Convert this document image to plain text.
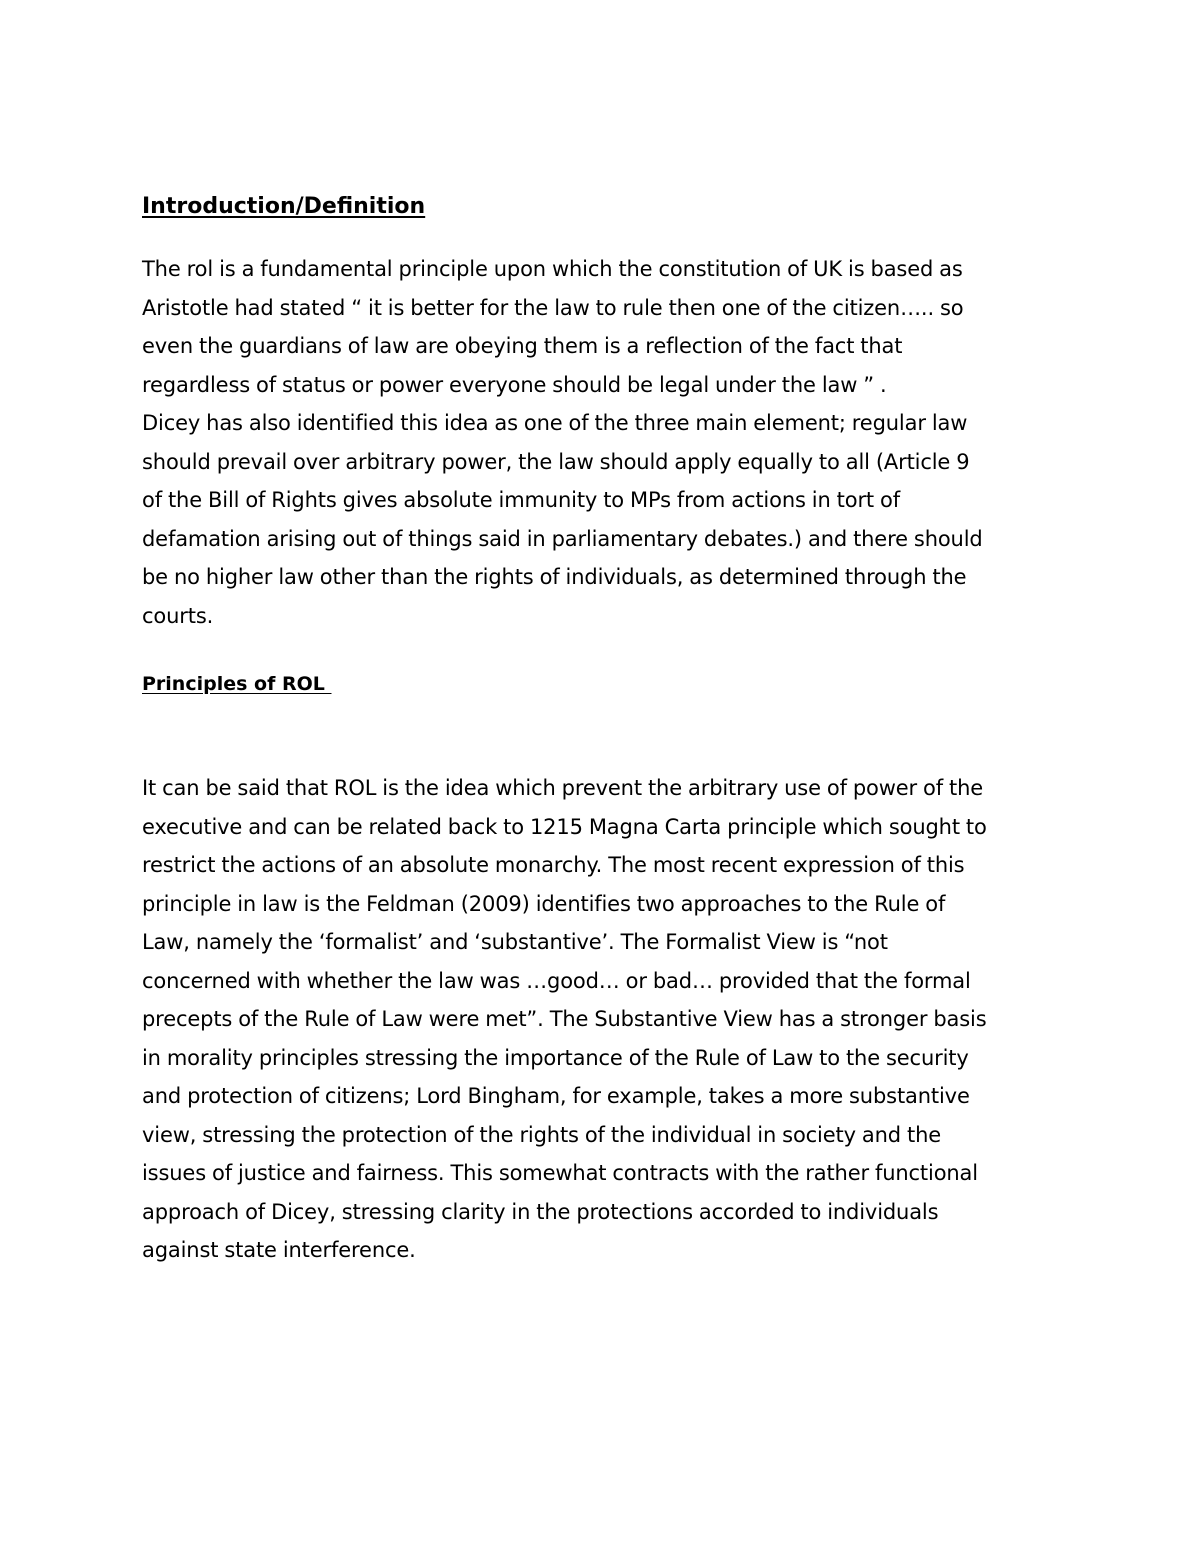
Introduction/Definition

The rol is a fundamental principle upon which the constitution of UK is based as
Aristotle had stated “ it is better for the law to rule then one of the citizen….. so
even the guardians of law are obeying them is a reflection of the fact that
regardless of status or power everyone should be legal under the law ” .
Dicey has also identified this idea as one of the three main element; regular law
should prevail over arbitrary power, the law should apply equally to all (Article 9
of the Bill of Rights gives absolute immunity to MPs from actions in tort of
defamation arising out of things said in parliamentary debates.) and there should
be no higher law other than the rights of individuals, as determined through the
courts.

Principles of ROL

It can be said that ROL is the idea which prevent the arbitrary use of power of the
executive and can be related back to 1215 Magna Carta principle which sought to
restrict the actions of an absolute monarchy. The most recent expression of this
principle in law is the Feldman (2009) identifies two approaches to the Rule of
Law, namely the ‘formalist’ and ‘substantive’. The Formalist View is “not
concerned with whether the law was …good… or bad… provided that the formal
precepts of the Rule of Law were met”. The Substantive View has a stronger basis
in morality principles stressing the importance of the Rule of Law to the security
and protection of citizens; Lord Bingham, for example, takes a more substantive
view, stressing the protection of the rights of the individual in society and the
issues of justice and fairness. This somewhat contracts with the rather functional
approach of Dicey, stressing clarity in the protections accorded to individuals
against state interference.
